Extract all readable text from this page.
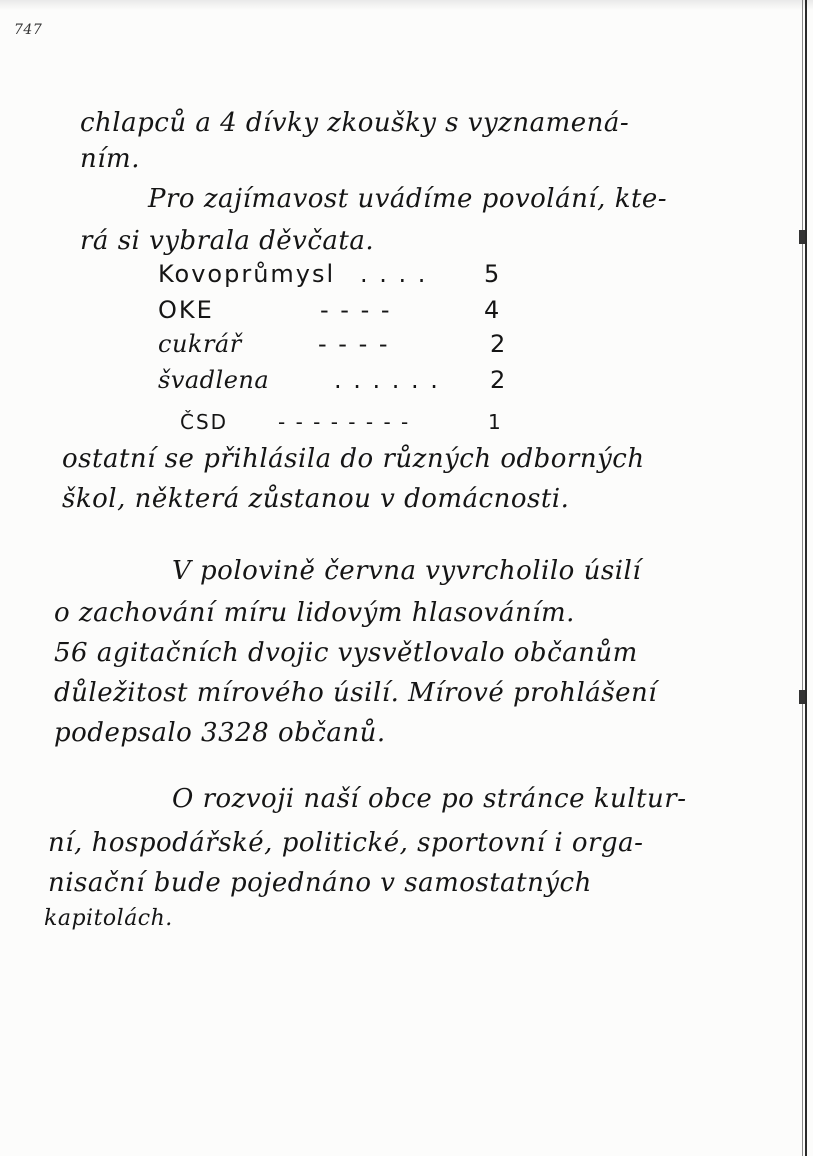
747
chlapců a 4 dívky zkoušky s vyznamená-
ním.
Pro zajímavost uvádíme povolání, kte-
rá si vybrala děvčata.
Kovoprůmysl . . . . 5
OKE	- - - -	4
cukrář	- - - -	2
švadlena	. . . . . . 2
ČSD - - - - - - - -	1
ostatní se přihlásila do různých odborných
škol, některá zůstanou v domácnosti.
V polovině června vyvrcholilo úsilí
o zachování míru lidovým hlasováním.
56 agitačních dvojic vysvětlovalo občanům
důležitost mírového úsilí. Mírové prohlášení
podepsalo 3328 občanů.
O rozvoji naší obce po stránce kultur-
ní, hospodářské, politické, sportovní i orga-
nisační bude pojednáno v samostatných
kapitolách.
